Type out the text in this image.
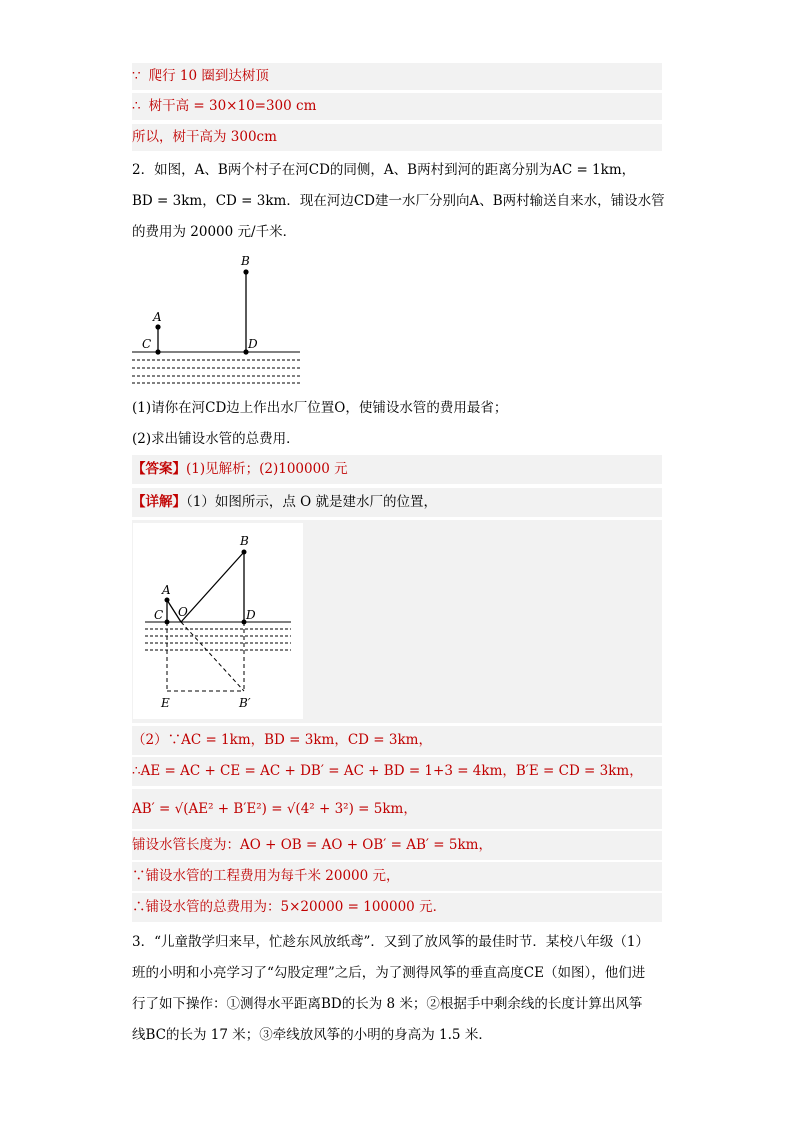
∵ 爬行 10 圈到达树顶
∴ 树干高 = 30×10=300 cm
所以，树干高为 300cm
2．如图，A、B两个村子在河CD的同侧，A、B两村到河的距离分别为AC = 1km，
BD = 3km，CD = 3km．现在河边CD建一水厂分别向A、B两村输送自来水，铺设水管
的费用为 20000 元/千米．
A
B
C	D
(1)请你在河CD边上作出水厂位置O，使铺设水管的费用最省；
(2)求出铺设水管的总费用．
【答案】(1)见解析；(2)100000 元
【详解】（1）如图所示，点 O 就是建水厂的位置，
A
B
C O	D
E	B′
（2）∵AC = 1km，BD = 3km，CD = 3km，
∴AE = AC + CE = AC + DB′ = AC + BD = 1+3 = 4km，B′E = CD = 3km，
AB′ = √(AE² + B′E²) = √(4² + 3²) = 5km，
铺设水管长度为：AO + OB = AO + OB′ = AB′ = 5km，
∵铺设水管的工程费用为每千米 20000 元，
∴铺设水管的总费用为：5×20000 = 100000 元．
3．“儿童散学归来早，忙趁东风放纸鸢”．又到了放风筝的最佳时节．某校八年级（1）
班的小明和小亮学习了“勾股定理”之后，为了测得风筝的垂直高度CE（如图），他们进
行了如下操作：①测得水平距离BD的长为 8 米；②根据手中剩余线的长度计算出风筝
线BC的长为 17 米；③牵线放风筝的小明的身高为 1.5 米．
